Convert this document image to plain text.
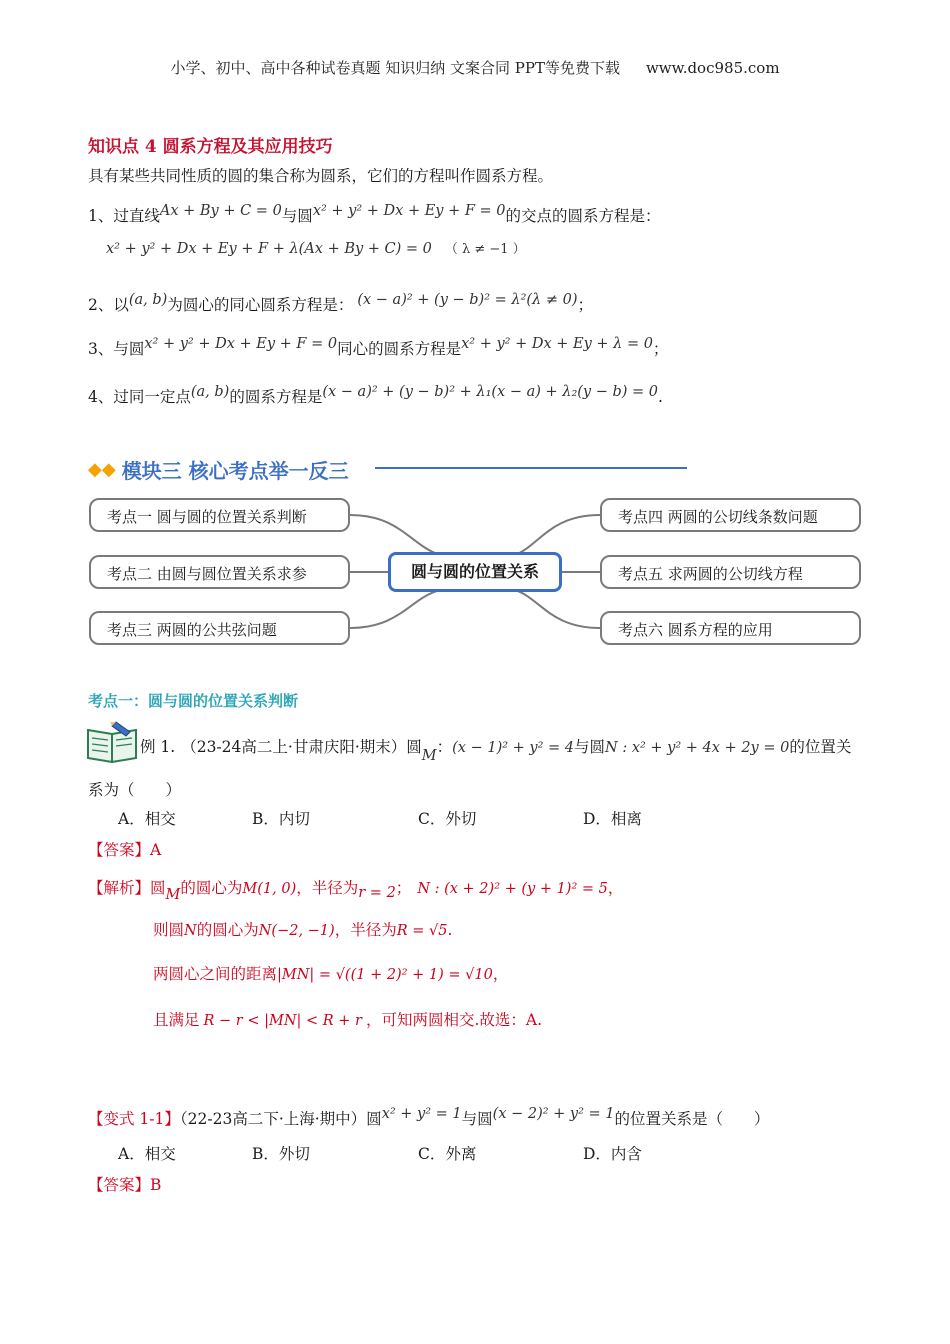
小学、初中、高中各种试卷真题 知识归纳 文案合同 PPT等免费下载 www.doc985.com
知识点 4 圆系方程及其应用技巧
具有某些共同性质的圆的集合称为圆系，它们的方程叫作圆系方程。
1、过直线Ax + By + C = 0与圆x² + y² + Dx + Ey + F = 0的交点的圆系方程是：
x² + y² + Dx + Ey + F + λ(Ax + By + C) = 0 （ λ ≠ −1 ）
2、以(a, b)为圆心的同心圆系方程是： (x − a)² + (y − b)² = λ²(λ ≠ 0)；
3、与圆x² + y² + Dx + Ey + F = 0同心的圆系方程是x² + y² + Dx + Ey + λ = 0；
4、过同一定点(a, b)的圆系方程是(x − a)² + (y − b)² + λ₁(x − a) + λ₂(y − b) = 0.
◆◆ 模块三 核心考点举一反三
考点一 圆与圆的位置关系判断
考点二 由圆与圆位置关系求参
考点三 两圆的公共弦问题
圆与圆的位置关系
考点四 两圆的公切线条数问题
考点五 求两圆的公切线方程
考点六 圆系方程的应用
考点一：圆与圆的位置关系判断
例 1. （23-24高二上·甘肃庆阳·期末）圆M：(x − 1)² + y² = 4与圆N : x² + y² + 4x + 2y = 0的位置关
系为（　　）
A．相交	B．内切	C．外切	D．相离
【答案】A
【解析】圆M的圆心为M(1, 0)，半径为r = 2； N : (x + 2)² + (y + 1)² = 5，
则圆N的圆心为N(−2, −1)，半径为R = √5.
两圆心之间的距离|MN| = √((1 + 2)² + 1) = √10，
且满足 R − r < |MN| < R + r ，可知两圆相交.故选：A.
【变式 1-1】（22-23高二下·上海·期中）圆x² + y² = 1与圆(x − 2)² + y² = 1的位置关系是（　　）
A．相交	B．外切	C．外离	D．内含
【答案】B
